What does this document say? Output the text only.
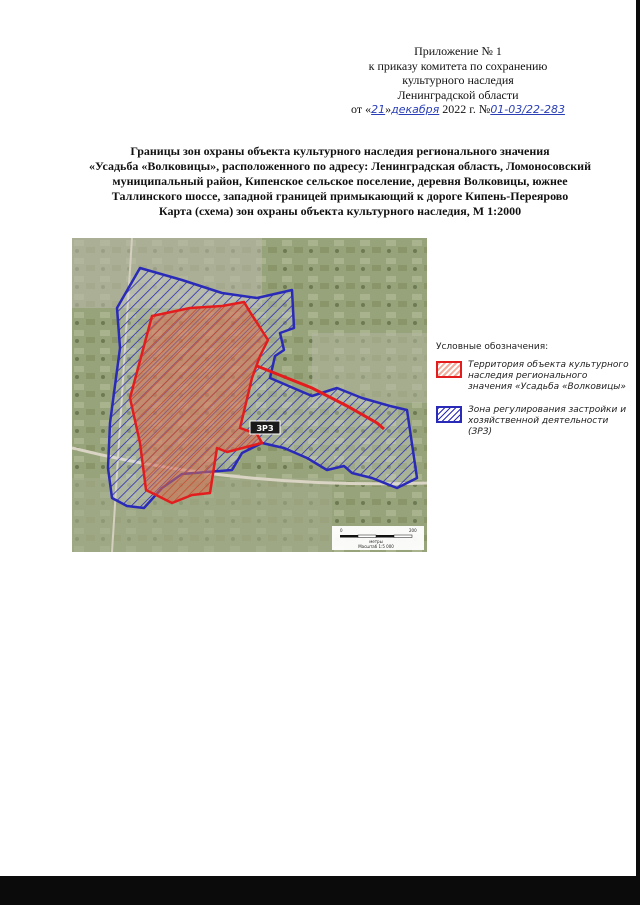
Приложение № 1
к приказу комитета по сохранению
культурного наследия
Ленинградской области
от «21»декабря 2022 г. №01-03/22-283
Границы зон охраны объекта культурного наследия регионального значения
«Усадьба «Волковицы», расположенного по адресу: Ленинградская область, Ломоносовский
муниципальный район, Кипенское сельское поселение, деревня Волковицы, южнее
Таллинского шоссе, западной границей примыкающий к дороге Кипень-Переярово
Карта (схема) зон охраны объекта культурного наследия, М 1:2000
ЗРЗ
0	200
метры
Масштаб 1:5 000
Условные обозначения:
Территория объекта культурного наследия регионального значения «Усадьба «Волковицы»
Зона регулирования застройки и хозяйственной деятельности (ЗРЗ)
